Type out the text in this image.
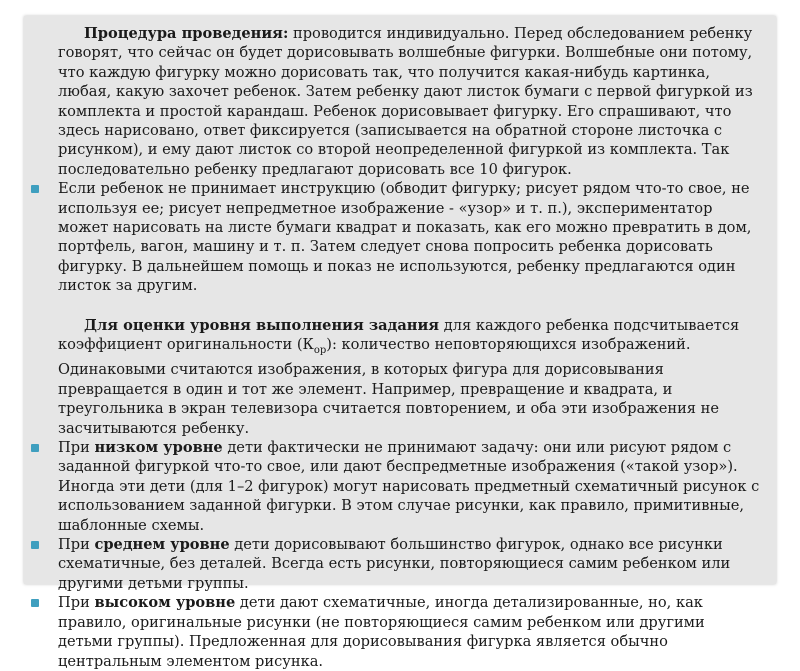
Процедура проведения: проводится индивидуально. Перед обследованием ребенку говорят, что сейчас он будет дорисовывать волшебные фигурки. Волшебные они потому, что каждую фигурку можно дорисовать так, что получится какая-нибудь картинка, любая, какую захочет ребенок. Затем ребенку дают листок бумаги с первой фигуркой из комплекта и простой карандаш. Ребенок дорисовывает фигурку. Его спрашивают, что здесь нарисовано, ответ фиксируется (записывается на обратной стороне листочка с рисунком), и ему дают листок со второй неопределенной фигуркой из комплекта. Так последовательно ребенку предлагают дорисовать все 10 фигурок.

Если ребенок не принимает инструкцию (обводит фигурку; рисует рядом что-то свое, не используя ее; рисует непредметное изображение - «узор» и т. п.), экспериментатор может нарисовать на листе бумаги квадрат и показать, как его можно превратить в дом, портфель, вагон, машину и т. п. Затем следует снова попросить ребенка дорисовать фигурку. В дальнейшем помощь и показ не используются, ребенку предлагаются один листок за другим.

Для оценки уровня выполнения задания для каждого ребенка подсчитывается коэффициент оригинальности $(К_{ор})$: количество неповторяющихся изображений. Одинаковыми считаются изображения, в которых фигура для дорисовывания превращается в один и тот же элемент. Например, превращение и квадрата, и треугольника в экран телевизора считается повторением, и оба эти изображения не засчитываются ребенку.

При низком уровне дети фактически не принимают задачу: они или рисуют рядом с заданной фигуркой что-то свое, или дают беспредметные изображения («такой узор»). Иногда эти дети (для 1–2 фигурок) могут нарисовать предметный схематичный рисунок с использованием заданной фигурки. В этом случае рисунки, как правило, примитивные, шаблонные схемы.

При среднем уровне дети дорисовывают большинство фигурок, однако все рисунки схематичные, без деталей. Всегда есть рисунки, повторяющиеся самим ребенком или другими детьми группы.

При высоком уровне дети дают схематичные, иногда детализированные, но, как правило, оригинальные рисунки (не повторяющиеся самим ребенком или другими детьми группы). Предложенная для дорисовывания фигурка является обычно центральным элементом рисунка.
